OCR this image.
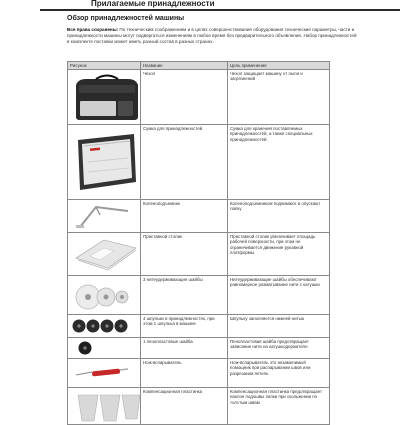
Прилагаемые принадлежности
Обзор принадлежностей машины
Все права сохранены: По техническим соображениям и в целях совершенствования оборудования технические параметры, части и принадлежности машины могут подвергаться изменениям в любое время без предварительного объявления. Набор принадлежностей в комплекте поставки может иметь разный состав в разных странах.
Рисунок	Название	Цель применения

	Чехол	Чехол защищает машину от пыли и загрязнений

	Сумка для принадлежностей	Сумка для хранения поставляемых принадлежностей, а также специальных принадлежностей.

	Коленоподъемник	Коленоподъемником поднимают и опускают лапку

	Приставной столик	Приставной столик увеличивает площадь рабочей поверхности, при этом не ограничивается движение рукавной платформы.

	3 нитеудерживающие шайбы	Нитеудерживающие шайбы обеспечивают равномерное разматывание нити с катушки

	4 шпульки в принадлежностях, при этом 1 шпулька в машине	Шпульку заполняется нижней нитью

	1 пенопластовые шайба	Пенопластовая шайба предотвращает зависание нити на катушкодержателе.

	Нож-вспарыватель	Нож-вспарыватель это незаменимый помощник при распарывании швов или разрезании петель

	Компенсационная пластинка	Компенсационная пластинка предотвращает наклон подошвы лапки при скольжении по толстым швам
